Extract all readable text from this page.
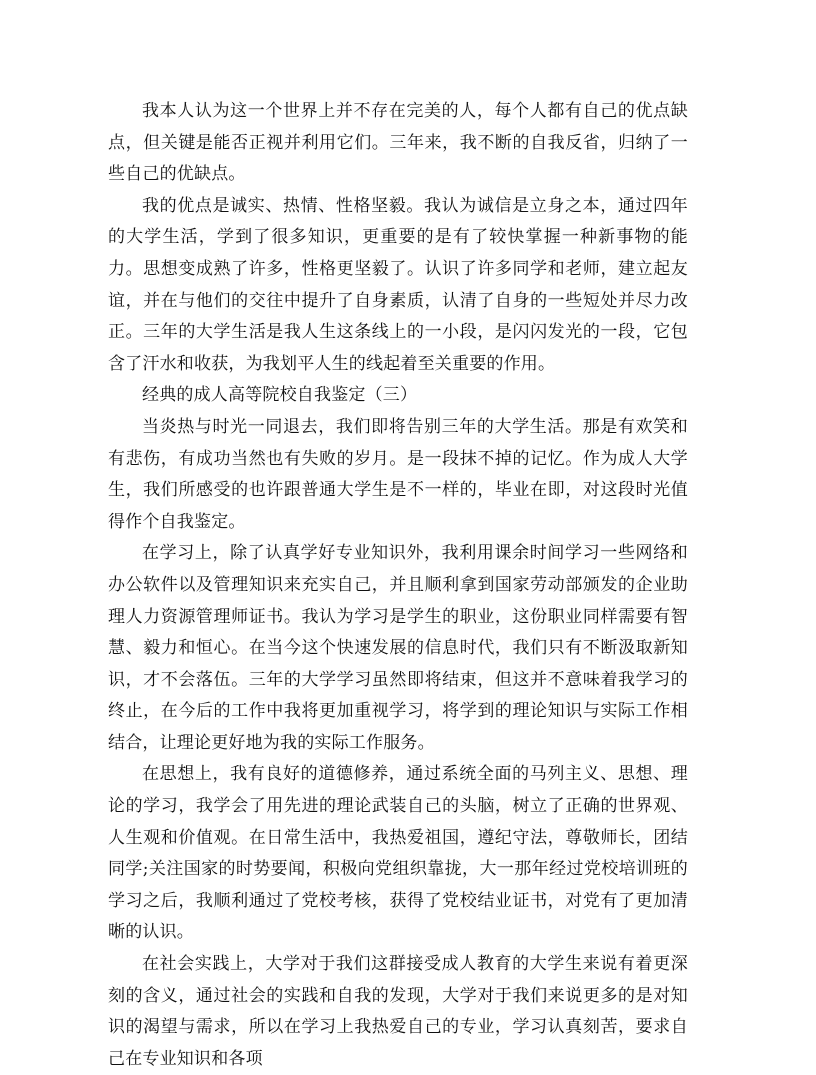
我本人认为这一个世界上并不存在完美的人，每个人都有自己的优点缺点，但关键是能否正视并利用它们。三年来，我不断的自我反省，归纳了一些自己的优缺点。

我的优点是诚实、热情、性格坚毅。我认为诚信是立身之本，通过四年的大学生活，学到了很多知识，更重要的是有了较快掌握一种新事物的能力。思想变成熟了许多，性格更坚毅了。认识了许多同学和老师，建立起友谊，并在与他们的交往中提升了自身素质，认清了自身的一些短处并尽力改正。三年的大学生活是我人生这条线上的一小段，是闪闪发光的一段，它包含了汗水和收获，为我划平人生的线起着至关重要的作用。

经典的成人高等院校自我鉴定（三）

当炎热与时光一同退去，我们即将告别三年的大学生活。那是有欢笑和有悲伤，有成功当然也有失败的岁月。是一段抹不掉的记忆。作为成人大学生，我们所感受的也许跟普通大学生是不一样的，毕业在即，对这段时光值得作个自我鉴定。

在学习上，除了认真学好专业知识外，我利用课余时间学习一些网络和办公软件以及管理知识来充实自己，并且顺利拿到国家劳动部颁发的企业助理人力资源管理师证书。我认为学习是学生的职业，这份职业同样需要有智慧、毅力和恒心。在当今这个快速发展的信息时代，我们只有不断汲取新知识，才不会落伍。三年的大学学习虽然即将结束，但这并不意味着我学习的终止，在今后的工作中我将更加重视学习，将学到的理论知识与实际工作相结合，让理论更好地为我的实际工作服务。

在思想上，我有良好的道德修养，通过系统全面的马列主义、思想、理论的学习，我学会了用先进的理论武装自己的头脑，树立了正确的世界观、人生观和价值观。在日常生活中，我热爱祖国，遵纪守法，尊敬师长，团结同学;关注国家的时势要闻，积极向党组织靠拢，大一那年经过党校培训班的学习之后，我顺利通过了党校考核，获得了党校结业证书，对党有了更加清晰的认识。

在社会实践上，大学对于我们这群接受成人教育的大学生来说有着更深刻的含义，通过社会的实践和自我的发现，大学对于我们来说更多的是对知识的渴望与需求，所以在学习上我热爱自己的专业，学习认真刻苦，要求自己在专业知识和各项
